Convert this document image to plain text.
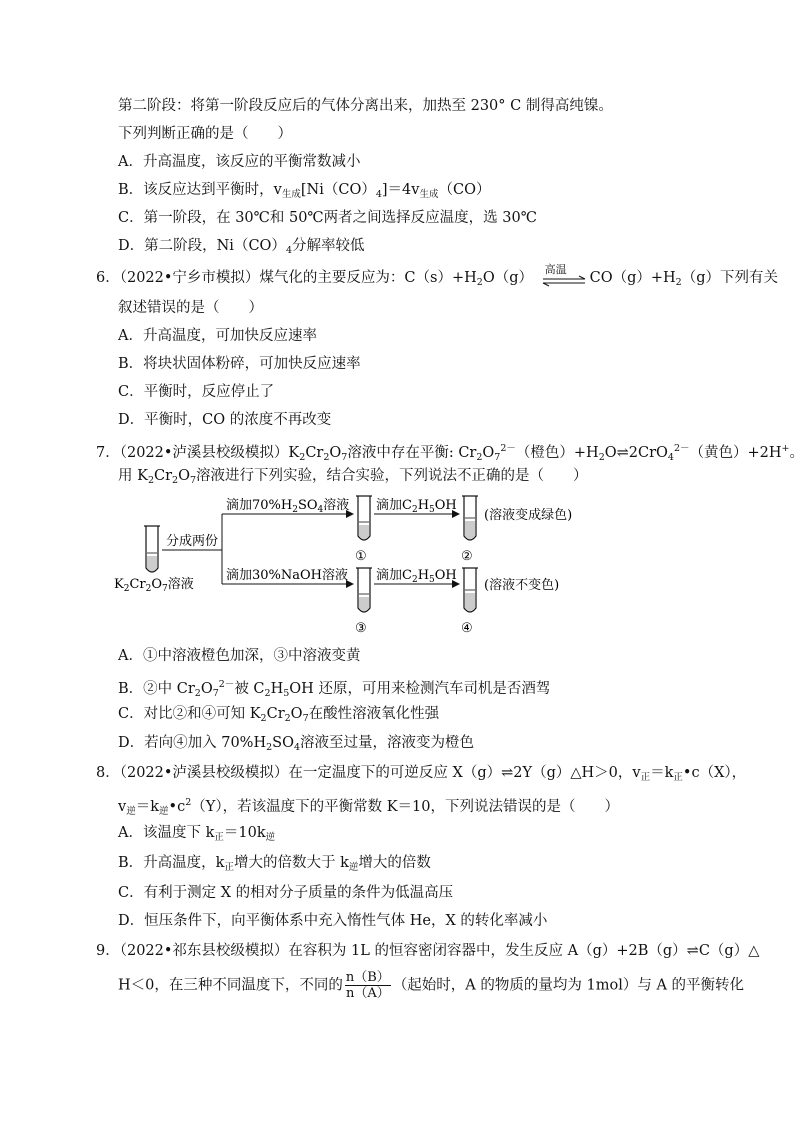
第二阶段：将第一阶段反应后的气体分离出来，加热至 230° C 制得高纯镍。
下列判断正确的是（　　）
A．升高温度，该反应的平衡常数减小
B．该反应达到平衡时，$v_{生成}[Ni(CO)_4]=4v_{生成}(CO)$
C．第一阶段，在 30℃和 50℃两者之间选择反应温度，选 30℃
D．第二阶段，$Ni(CO)_4$分解率较低
6．（2022•宁乡市模拟）煤气化的主要反应为：$C(s)+H_2O(g)$
高温
$CO(g)+H_2(g)$下列有关
叙述错误的是（　　）
A．升高温度，可加快反应速率
B．将块状固体粉碎，可加快反应速率
C．平衡时，反应停止了
D．平衡时，CO 的浓度不再改变
7．（2022•泸溪县校级模拟）$K_2Cr_2O_7$溶液中存在平衡: $Cr_2O_7^{2-}$（橙色）$+H_2O\rightleftharpoons 2CrO_4^{2-}$（黄色）+2H+。
用 $K_2Cr_2O_7$溶液进行下列实验，结合实验，下列说法不正确的是（　　）
$K_2Cr_2O_7$溶液
分成两份
滴加$70\%H_2SO_4$溶液
滴加30%NaOH溶液
①
③
滴加$C_2H_5OH$
滴加$C_2H_5OH$
②
(溶液变成绿色)
④
(溶液不变色)
A．①中溶液橙色加深，③中溶液变黄
B．②中 $Cr_2O_7^{2-}$被 $C_2H_5OH$ 还原，可用来检测汽车司机是否酒驾
C．对比②和④可知 $K_2Cr_2O_7$在酸性溶液氧化性强
D．若向④加入 $70\%H_2SO_4$溶液至过量，溶液变为橙色
8．（2022•泸溪县校级模拟）在一定温度下的可逆反应 X（g）⇌2Y（g）△H＞0，$v_正=k_正•c(X)$，
$v_逆=k_逆•c^2(Y)$，若该温度下的平衡常数 K＝10，下列说法错误的是（　　）
A．该温度下 $k_正=10k_逆$
B．升高温度，$k_正$增大的倍数大于 $k_逆$增大的倍数
C．有利于测定 X 的相对分子质量的条件为低温高压
D．恒压条件下，向平衡体系中充入惰性气体 He，X 的转化率减小
9．（2022•祁东县校级模拟）在容积为 1L 的恒容密闭容器中，发生反应 A（g）+2B（g）⇌C（g）△
H＜0，在三种不同温度下，不同的 $\frac{n(B)}{n(A)}$ （起始时，A 的物质的量均为 1mol）与 A 的平衡转化
